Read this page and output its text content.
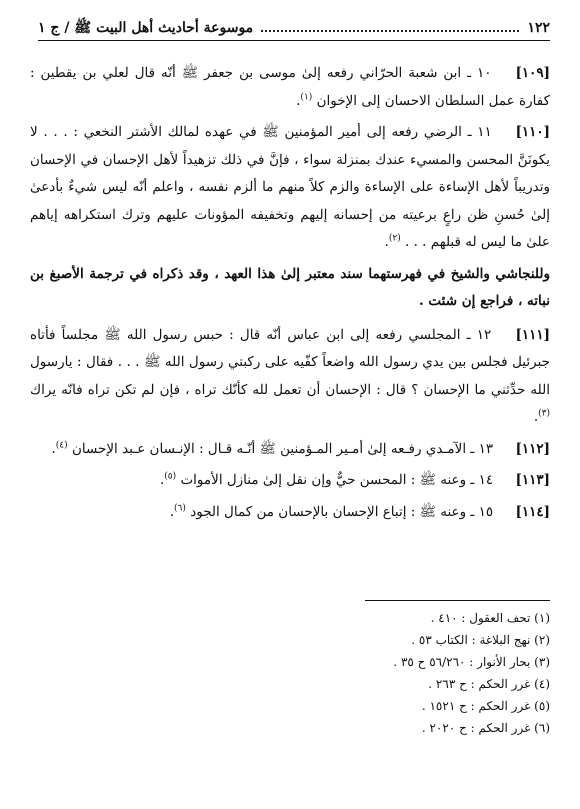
١٢٢
موسوعة أحاديث أهل البيت ﷺ / ج ١

[١٠٩] ١٠ ـ ابن شعبة الحرّاني رفعه إلىٰ موسى بن جعفر ﷺ أنّه قال لعلي بن يقطين : كفارة عمل السلطان الاحسان إلى الإخوان $^{(١)}$.

[١١٠] ١١ ـ الرضي رفعه إلى أمير المؤمنين ﷺ في عهده لمالك الأشتر النخعي : . . . لا يكونَنَّ المحسن والمسيء عندك بمنزلة سواء ، فإنَّ في ذلك تزهيداً لأهل الإحسان في الإحسان وتدريباً لأهل الإساءة على الإساءة والزم كلاً منهم ما ألزم نفسه ، واعلم أنّه ليس شيءٌ بأدعىٰ إلىٰ حُسنِ ظن راعٍ برعيته من إحسانه إليهم وتخفيفه المؤونات عليهم وترك استكراهه إياهم علىٰ ما ليس له قبلهم . . . $^{(٢)}$.

وللنجاشي والشيخ في فهرستهما سند معتبر إلىٰ هذا العهد ، وقد ذكراه في ترجمة الأصبغ بن نباته ، فراجع إن شئت .

[١١١] ١٢ ـ المجلسي رفعه إلى ابن عباس أنّه قال : حبس رسول الله ﷺ مجلساً فأتاه جبرئيل فجلس بين يدي رسول الله واضعاً كفّيه على ركبتي رسول الله ﷺ . . . فقال : يارسول الله حدِّثني ما الإحسان ؟ قال : الإحسان أن تعمل لله كأنّك تراه ، فإن لم تكن تراه فانّه يراك $^{(٣)}$.

[١١٢] ١٣ ـ الآمـدي رفـعه إلىٰ أمـير المـؤمنين ﷺ أنّـه قـال : الإنـسان عـبد الإحسان $^{(٤)}$.

[١١٣] ١٤ ـ وعنه ﷺ : المحسن حيٌّ وإن نقل إلىٰ منازل الأموات $^{(٥)}$.

[١١٤] ١٥ ـ وعنه ﷺ : إتباع الإحسان بالإحسان من كمال الجود $^{(٦)}$.

(١) تحف العقول : ٤١٠ .
(٢) نهج البلاغة : الكتاب ٥٣ .
(٣) بحار الأنوار : ٥٦/٢٦٠ ح ٣٥ .
(٤) غرر الحكم : ح ٢٦٣ .
(٥) غرر الحكم : ح ١٥٢١ .
(٦) غرر الحكم : ح ٢٠٢٠ .
